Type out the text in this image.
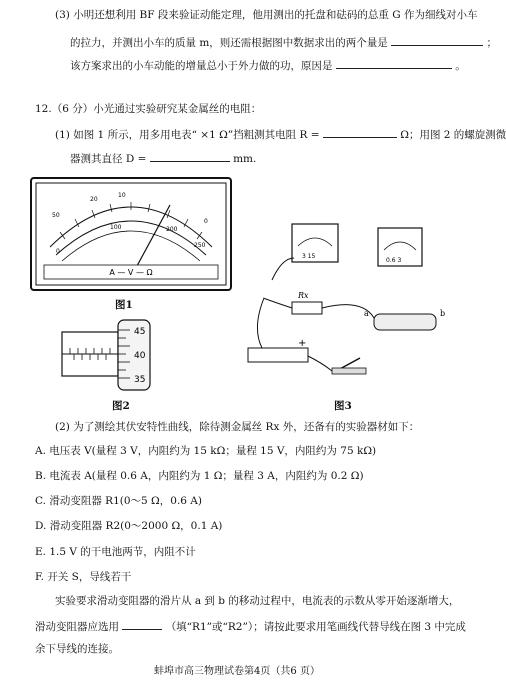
(3) 小明还想利用 BF 段来验证动能定理，他用测出的托盘和砝码的总重 G 作为细线对小车
的拉力，并测出小车的质量 m，则还需根据图中数据求出的两个量是	；
该方案求出的小车动能的增量总小于外力做的功，原因是	。
12.（6 分）小光通过实验研究某金属丝的电阻：
(1) 如图 1 所示，用多用电表“ ×1 Ω”挡粗测其电阻 R =	Ω；用图 2 的螺旋测微
器测其直径 D =	mm.
A — V — Ω
50
20
10
0
0
100	200
250
图1
45
40
35
图2
3 15
0.6 3
Rx
a	b
+
图3
(2) 为了测绘其伏安特性曲线，除待测金属丝 Rx 外，还备有的实验器材如下：
A. 电压表 V(量程 3 V，内阻约为 15 kΩ；量程 15 V，内阻约为 75 kΩ)
B. 电流表 A(量程 0.6 A，内阻约为 1 Ω；量程 3 A，内阻约为 0.2 Ω)
C. 滑动变阻器 R1(0～5 Ω，0.6 A)
D. 滑动变阻器 R2(0～2000 Ω，0.1 A)
E. 1.5 V 的干电池两节，内阻不计
F. 开关 S，导线若干
实验要求滑动变阻器的滑片从 a 到 b 的移动过程中，电流表的示数从零开始逐渐增大，
滑动变阻器应选用	（填“R1”或“R2”）；请按此要求用笔画线代替导线在图 3 中完成
余下导线的连接。
蚌埠市高三物理试卷第4页（共6 页）
